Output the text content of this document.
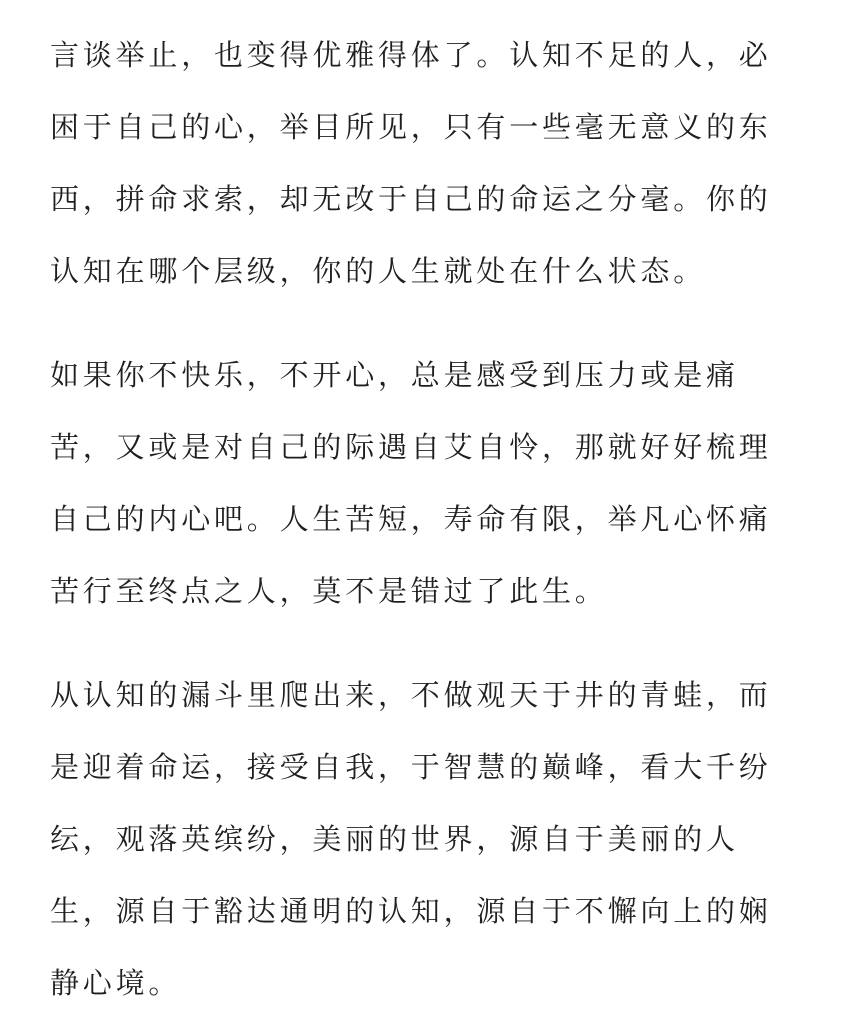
言谈举止，也变得优雅得体了。认知不足的人，必困于自己的心，举目所见，只有一些毫无意义的东西，拼命求索，却无改于自己的命运之分毫。你的认知在哪个层级，你的人生就处在什么状态。

如果你不快乐，不开心，总是感受到压力或是痛苦，又或是对自己的际遇自艾自怜，那就好好梳理自己的内心吧。人生苦短，寿命有限，举凡心怀痛苦行至终点之人，莫不是错过了此生。

从认知的漏斗里爬出来，不做观天于井的青蛙，而是迎着命运，接受自我，于智慧的巅峰，看大千纷纭，观落英缤纷，美丽的世界，源自于美丽的人生，源自于豁达通明的认知，源自于不懈向上的娴静心境。
